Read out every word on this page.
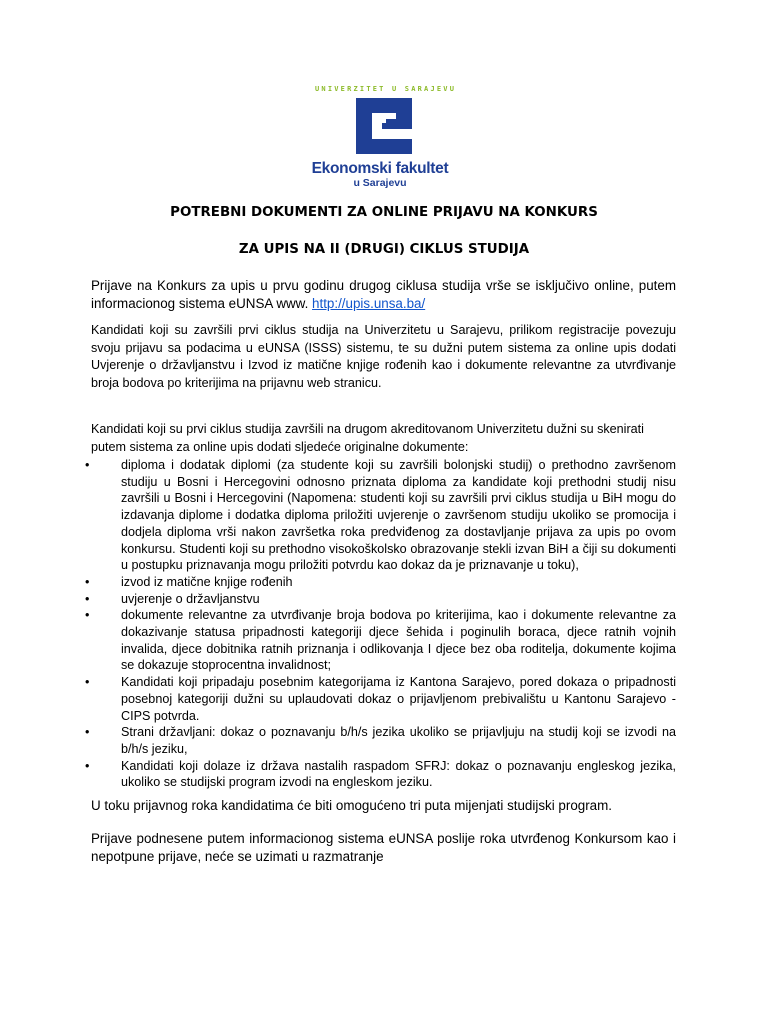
UNIVERZITET U SARAJEVU
Ekonomski fakultet
u Sarajevu
POTREBNI DOKUMENTI ZA ONLINE PRIJAVU NA KONKURS
ZA UPIS NA II (DRUGI) CIKLUS STUDIJA

Prijave na Konkurs za upis u prvu godinu drugog ciklusa studija vrše se isključivo online, putem informacionog sistema eUNSA www. http://upis.unsa.ba/

Kandidati koji su završili prvi ciklus studija na Univerzitetu u Sarajevu, prilikom registracije povezuju svoju prijavu sa podacima u eUNSA (ISSS) sistemu, te su dužni putem sistema za online upis dodati Uvjerenje o državljanstvu i Izvod iz matične knjige rođenih kao i dokumente relevantne za utvrđivanje broja bodova po kriterijima na prijavnu web stranicu.

Kandidati koji su prvi ciklus studija završili na drugom akreditovanom Univerzitetu dužni su skenirati putem sistema za online upis dodati sljedeće originalne dokumente:

•	diploma i dodatak diplomi (za studente koji su završili bolonjski studij) o prethodno završenom studiju u Bosni i Hercegovini odnosno priznata diploma za kandidate koji prethodni studij nisu završili u Bosni i Hercegovini (Napomena: studenti koji su završili prvi ciklus studija u BiH mogu do izdavanja diplome i dodatka diploma priložiti uvjerenje o završenom studiju ukoliko se promocija i dodjela diploma vrši nakon završetka roka predviđenog za dostavljanje prijava za upis po ovom konkursu. Studenti koji su prethodno visokoškolsko obrazovanje stekli izvan BiH a čiji su dokumenti u postupku priznavanja mogu priložiti potvrdu kao dokaz da je priznavanje u toku),
•	izvod iz matične knjige rođenih
•	uvjerenje o državljanstvu
•	dokumente relevantne za utvrđivanje broja bodova po kriterijima, kao i dokumente relevantne za dokazivanje statusa pripadnosti kategoriji djece šehida i poginulih boraca, djece ratnih vojnih invalida, djece dobitnika ratnih priznanja i odlikovanja I djece bez oba roditelja, dokumente kojima se dokazuje stoprocentna invalidnost;
•	Kandidati koji pripadaju posebnim kategorijama iz Kantona Sarajevo, pored dokaza o pripadnosti posebnoj kategoriji dužni su uplaudovati dokaz o prijavljenom prebivalištu u Kantonu Sarajevo - CIPS potvrda.
•	Strani državljani: dokaz o poznavanju b/h/s jezika ukoliko se prijavljuju na studij koji se izvodi na b/h/s jeziku,
•	Kandidati koji dolaze iz država nastalih raspadom SFRJ: dokaz o poznavanju engleskog jezika, ukoliko se studijski program izvodi na engleskom jeziku.

U toku prijavnog roka kandidatima će biti omogućeno tri puta mijenjati studijski program.

Prijave podnesene putem informacionog sistema eUNSA poslije roka utvrđenog Konkursom kao i nepotpune prijave, neće se uzimati u razmatranje
